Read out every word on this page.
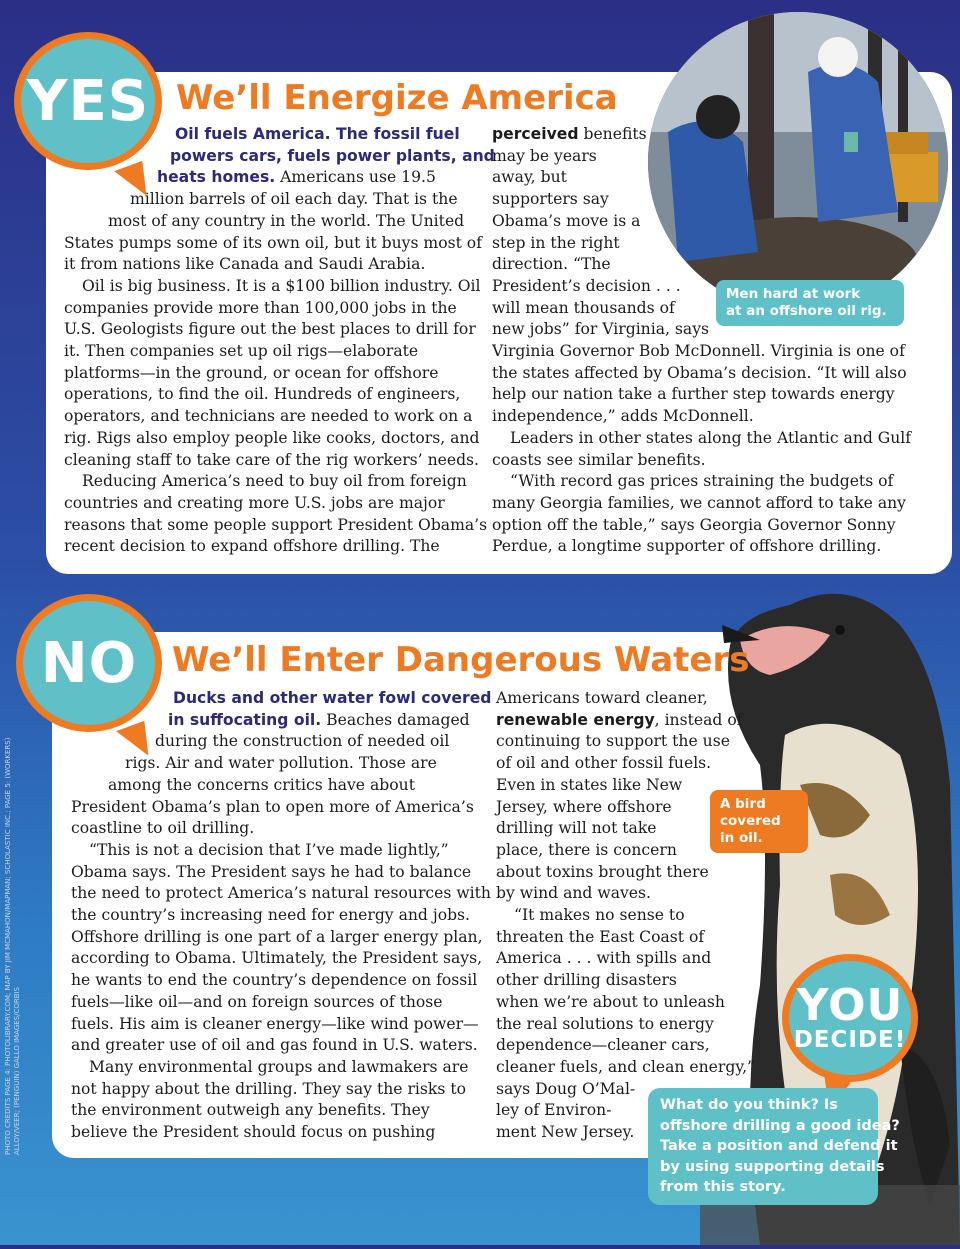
YES We’ll Energize America
Oil fuels America. The fossil fuel
powers cars, fuels power plants, and
heats homes. Americans use 19.5
million barrels of oil each day. That is the
most of any country in the world. The United
States pumps some of its own oil, but it buys most of
it from nations like Canada and Saudi Arabia.
Oil is big business. It is a $100 billion industry. Oil
companies provide more than 100,000 jobs in the
U.S. Geologists figure out the best places to drill for
it. Then companies set up oil rigs—elaborate
platforms—in the ground, or ocean for offshore
operations, to find the oil. Hundreds of engineers,
operators, and technicians are needed to work on a
rig. Rigs also employ people like cooks, doctors, and
cleaning staff to take care of the rig workers’ needs.
Reducing America’s need to buy oil from foreign
countries and creating more U.S. jobs are major
reasons that some people support President Obama’s
recent decision to expand offshore drilling. The
perceived benefits
may be years
away, but
supporters say
Obama’s move is a
step in the right
direction. “The
President’s decision . . .
will mean thousands of
new jobs” for Virginia, says
Virginia Governor Bob McDonnell. Virginia is one of
the states affected by Obama’s decision. “It will also
help our nation take a further step towards energy
independence,” adds McDonnell.
Leaders in other states along the Atlantic and Gulf
coasts see similar benefits.
“With record gas prices straining the budgets of
many Georgia families, we cannot afford to take any
option off the table,” says Georgia Governor Sonny
Perdue, a longtime supporter of offshore drilling.
Men hard at work
at an offshore oil rig.
NO We’ll Enter Dangerous Waters
Ducks and other water fowl covered
in suffocating oil. Beaches damaged
during the construction of needed oil
rigs. Air and water pollution. Those are
among the concerns critics have about
President Obama’s plan to open more of America’s
coastline to oil drilling.
“This is not a decision that I’ve made lightly,”
Obama says. The President says he had to balance
the need to protect America’s natural resources with
the country’s increasing need for energy and jobs.
Offshore drilling is one part of a larger energy plan,
according to Obama. Ultimately, the President says,
he wants to end the country’s dependence on fossil
fuels—like oil—and on foreign sources of those
fuels. His aim is cleaner energy—like wind power—
and greater use of oil and gas found in U.S. waters.
Many environmental groups and lawmakers are
not happy about the drilling. They say the risks to
the environment outweigh any benefits. They
believe the President should focus on pushing
Americans toward cleaner,
renewable energy, instead of
continuing to support the use
of oil and other fossil fuels.
Even in states like New
Jersey, where offshore
drilling will not take
place, there is concern
about toxins brought there
by wind and waves.
“It makes no sense to
threaten the East Coast of
America . . . with spills and
other drilling disasters
when we’re about to unleash
the real solutions to energy
dependence—cleaner cars,
cleaner fuels, and clean energy,”
says Doug O’Mal-
ley of Environ-
ment New Jersey.
A bird
covered
in oil.
YOU
DECIDE!
What do you think? Is
offshore drilling a good idea?
Take a position and defend it
by using supporting details
from this story.
PHOTO CREDITS PAGE 4: PHOTOLIBRARY.COM; MAP BY JIM MCMAHON/MAPMAN; SCHOLASTIC INC.; PAGE 5: (WORKERS) ALLOY/VEER; (PENGUIN) GALLO IMAGES/CORBIS
